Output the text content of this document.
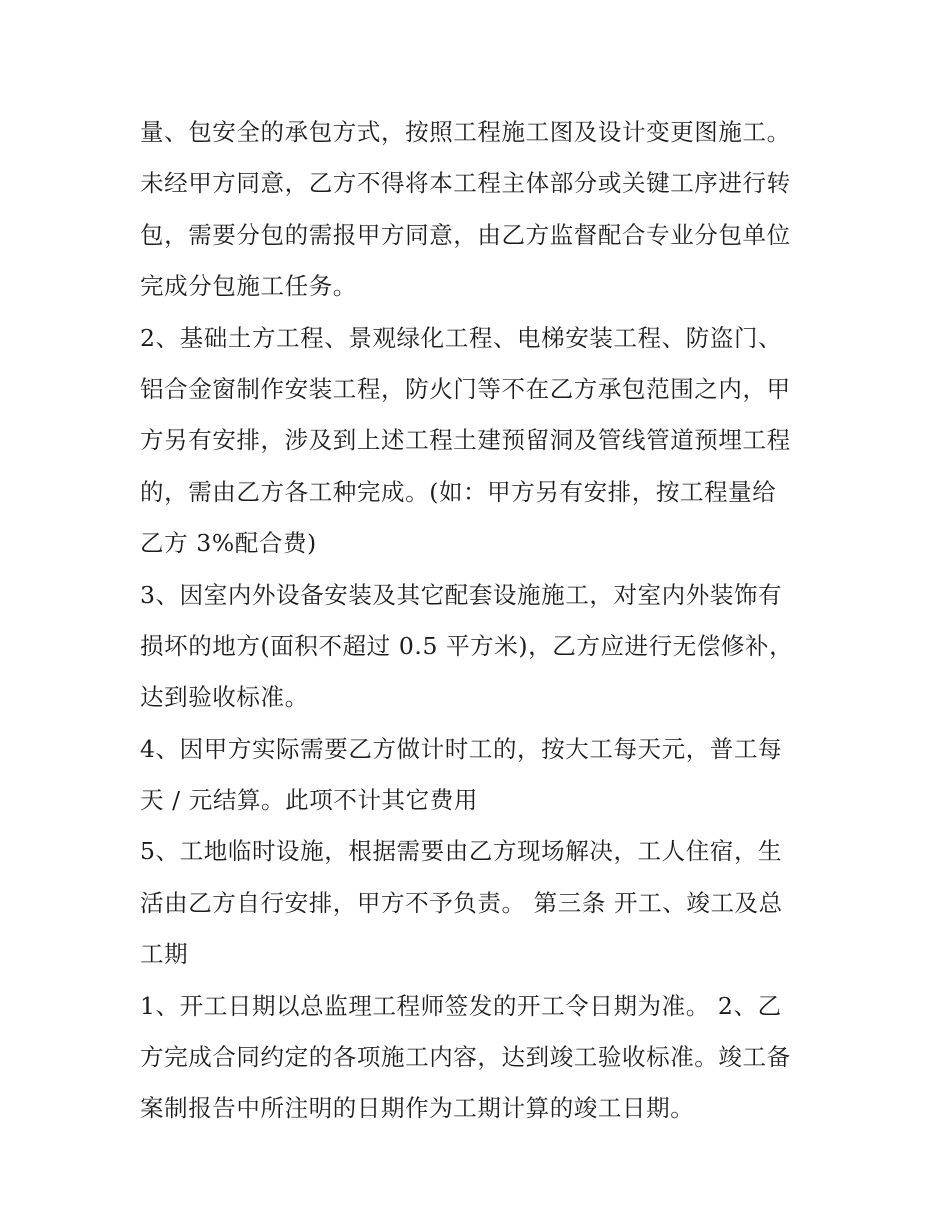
量、包安全的承包方式，按照工程施工图及设计变更图施工。
未经甲方同意，乙方不得将本工程主体部分或关键工序进行转
包，需要分包的需报甲方同意，由乙方监督配合专业分包单位
完成分包施工任务。
2、基础土方工程、景观绿化工程、电梯安装工程、防盗门、
铝合金窗制作安装工程，防火门等不在乙方承包范围之内，甲
方另有安排，涉及到上述工程土建预留洞及管线管道预埋工程
的，需由乙方各工种完成。(如：甲方另有安排，按工程量给
乙方 3%配合费)
3、因室内外设备安装及其它配套设施施工，对室内外装饰有
损坏的地方(面积不超过 0.5 平方米)，乙方应进行无偿修补，
达到验收标准。
4、因甲方实际需要乙方做计时工的，按大工每天元，普工每
天 / 元结算。此项不计其它费用
5、工地临时设施，根据需要由乙方现场解决，工人住宿，生
活由乙方自行安排，甲方不予负责。 第三条 开工、竣工及总
工期
1、开工日期以总监理工程师签发的开工令日期为准。 2、乙
方完成合同约定的各项施工内容，达到竣工验收标准。竣工备
案制报告中所注明的日期作为工期计算的竣工日期。
